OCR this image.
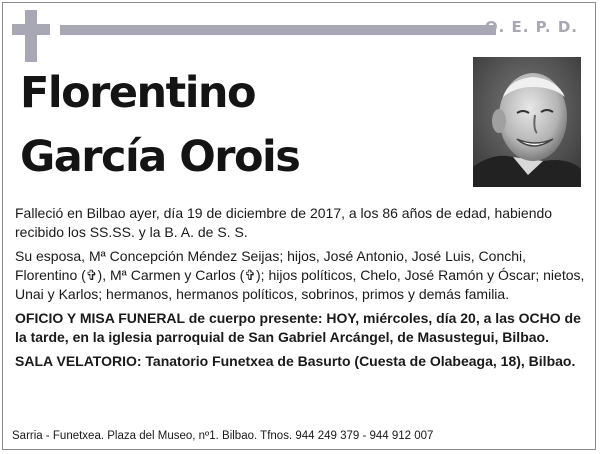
Q. E. P. D.
Florentino
García Orois

Falleció en Bilbao ayer, día 19 de diciembre de 2017, a los 86 años de edad, habiendo recibido los SS.SS. y la B. A. de S. S.

Su esposa, Mª Concepción Méndez Seijas; hijos, José Antonio, José Luis, Conchi, Florentino (✞), Mª Carmen y Carlos (✞); hijos políticos, Chelo, José Ramón y Óscar; nietos, Unai y Karlos; hermanos, hermanos políticos, sobrinos, primos y demás familia.

OFICIO Y MISA FUNERAL de cuerpo presente: HOY, miércoles, día 20, a las OCHO de la tarde, en la iglesia parroquial de San Gabriel Arcángel, de Masustegui, Bilbao.

SALA VELATORIO: Tanatorio Funetxea de Basurto (Cuesta de Olabeaga, 18), Bilbao.

Sarria - Funetxea. Plaza del Museo, nº1. Bilbao. Tfnos. 944 249 379 - 944 912 007
